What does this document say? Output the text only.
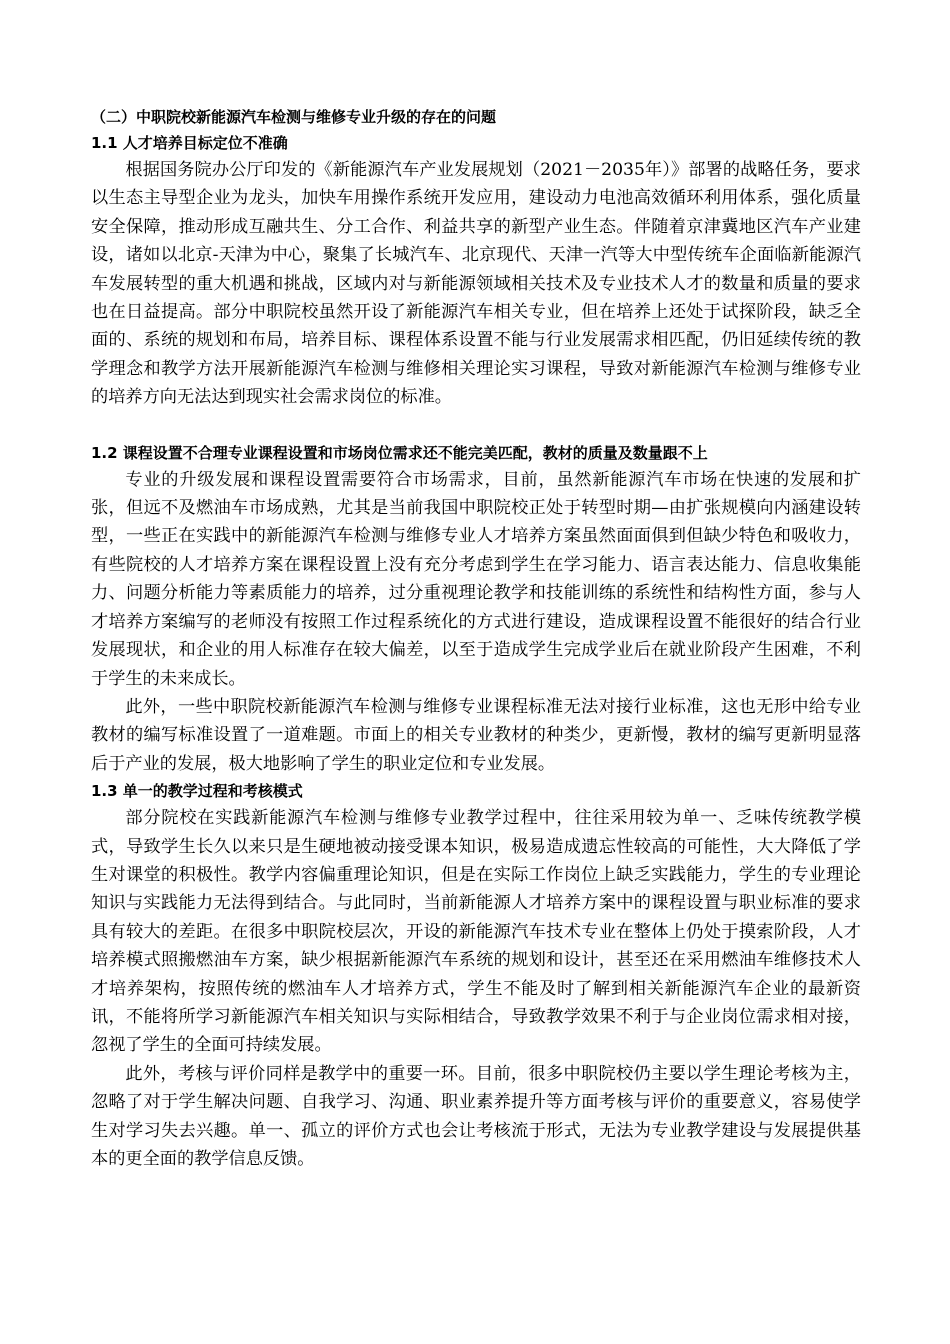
（二）中职院校新能源汽车检测与维修专业升级的存在的问题
1.1 人才培养目标定位不准确

根据国务院办公厅印发的《新能源汽车产业发展规划（2021－2035年）》部署的战略任务，要求以生态主导型企业为龙头，加快车用操作系统开发应用，建设动力电池高效循环利用体系，强化质量安全保障，推动形成互融共生、分工合作、利益共享的新型产业生态。伴随着京津冀地区汽车产业建设，诸如以北京-天津为中心，聚集了长城汽车、北京现代、天津一汽等大中型传统车企面临新能源汽车发展转型的重大机遇和挑战，区域内对与新能源领域相关技术及专业技术人才的数量和质量的要求也在日益提高。部分中职院校虽然开设了新能源汽车相关专业，但在培养上还处于试探阶段，缺乏全面的、系统的规划和布局，培养目标、课程体系设置不能与行业发展需求相匹配，仍旧延续传统的教学理念和教学方法开展新能源汽车检测与维修相关理论实习课程，导致对新能源汽车检测与维修专业的培养方向无法达到现实社会需求岗位的标准。

1.2 课程设置不合理专业课程设置和市场岗位需求还不能完美匹配，教材的质量及数量跟不上

专业的升级发展和课程设置需要符合市场需求，目前，虽然新能源汽车市场在快速的发展和扩张，但远不及燃油车市场成熟，尤其是当前我国中职院校正处于转型时期—由扩张规模向内涵建设转型，一些正在实践中的新能源汽车检测与维修专业人才培养方案虽然面面俱到但缺少特色和吸收力，有些院校的人才培养方案在课程设置上没有充分考虑到学生在学习能力、语言表达能力、信息收集能力、问题分析能力等素质能力的培养，过分重视理论教学和技能训练的系统性和结构性方面，参与人才培养方案编写的老师没有按照工作过程系统化的方式进行建设，造成课程设置不能很好的结合行业发展现状，和企业的用人标准存在较大偏差，以至于造成学生完成学业后在就业阶段产生困难，不利于学生的未来成长。

此外，一些中职院校新能源汽车检测与维修专业课程标准无法对接行业标准，这也无形中给专业教材的编写标准设置了一道难题。市面上的相关专业教材的种类少，更新慢，教材的编写更新明显落后于产业的发展，极大地影响了学生的职业定位和专业发展。

1.3 单一的教学过程和考核模式

部分院校在实践新能源汽车检测与维修专业教学过程中，往往采用较为单一、乏味传统教学模式，导致学生长久以来只是生硬地被动接受课本知识，极易造成遗忘性较高的可能性，大大降低了学生对课堂的积极性。教学内容偏重理论知识，但是在实际工作岗位上缺乏实践能力，学生的专业理论知识与实践能力无法得到结合。与此同时，当前新能源人才培养方案中的课程设置与职业标准的要求具有较大的差距。在很多中职院校层次，开设的新能源汽车技术专业在整体上仍处于摸索阶段，人才培养模式照搬燃油车方案，缺少根据新能源汽车系统的规划和设计，甚至还在采用燃油车维修技术人才培养架构，按照传统的燃油车人才培养方式，学生不能及时了解到相关新能源汽车企业的最新资讯，不能将所学习新能源汽车相关知识与实际相结合，导致教学效果不利于与企业岗位需求相对接，忽视了学生的全面可持续发展。

此外，考核与评价同样是教学中的重要一环。目前，很多中职院校仍主要以学生理论考核为主，忽略了对于学生解决问题、自我学习、沟通、职业素养提升等方面考核与评价的重要意义，容易使学生对学习失去兴趣。单一、孤立的评价方式也会让考核流于形式，无法为专业教学建设与发展提供基本的更全面的教学信息反馈。
